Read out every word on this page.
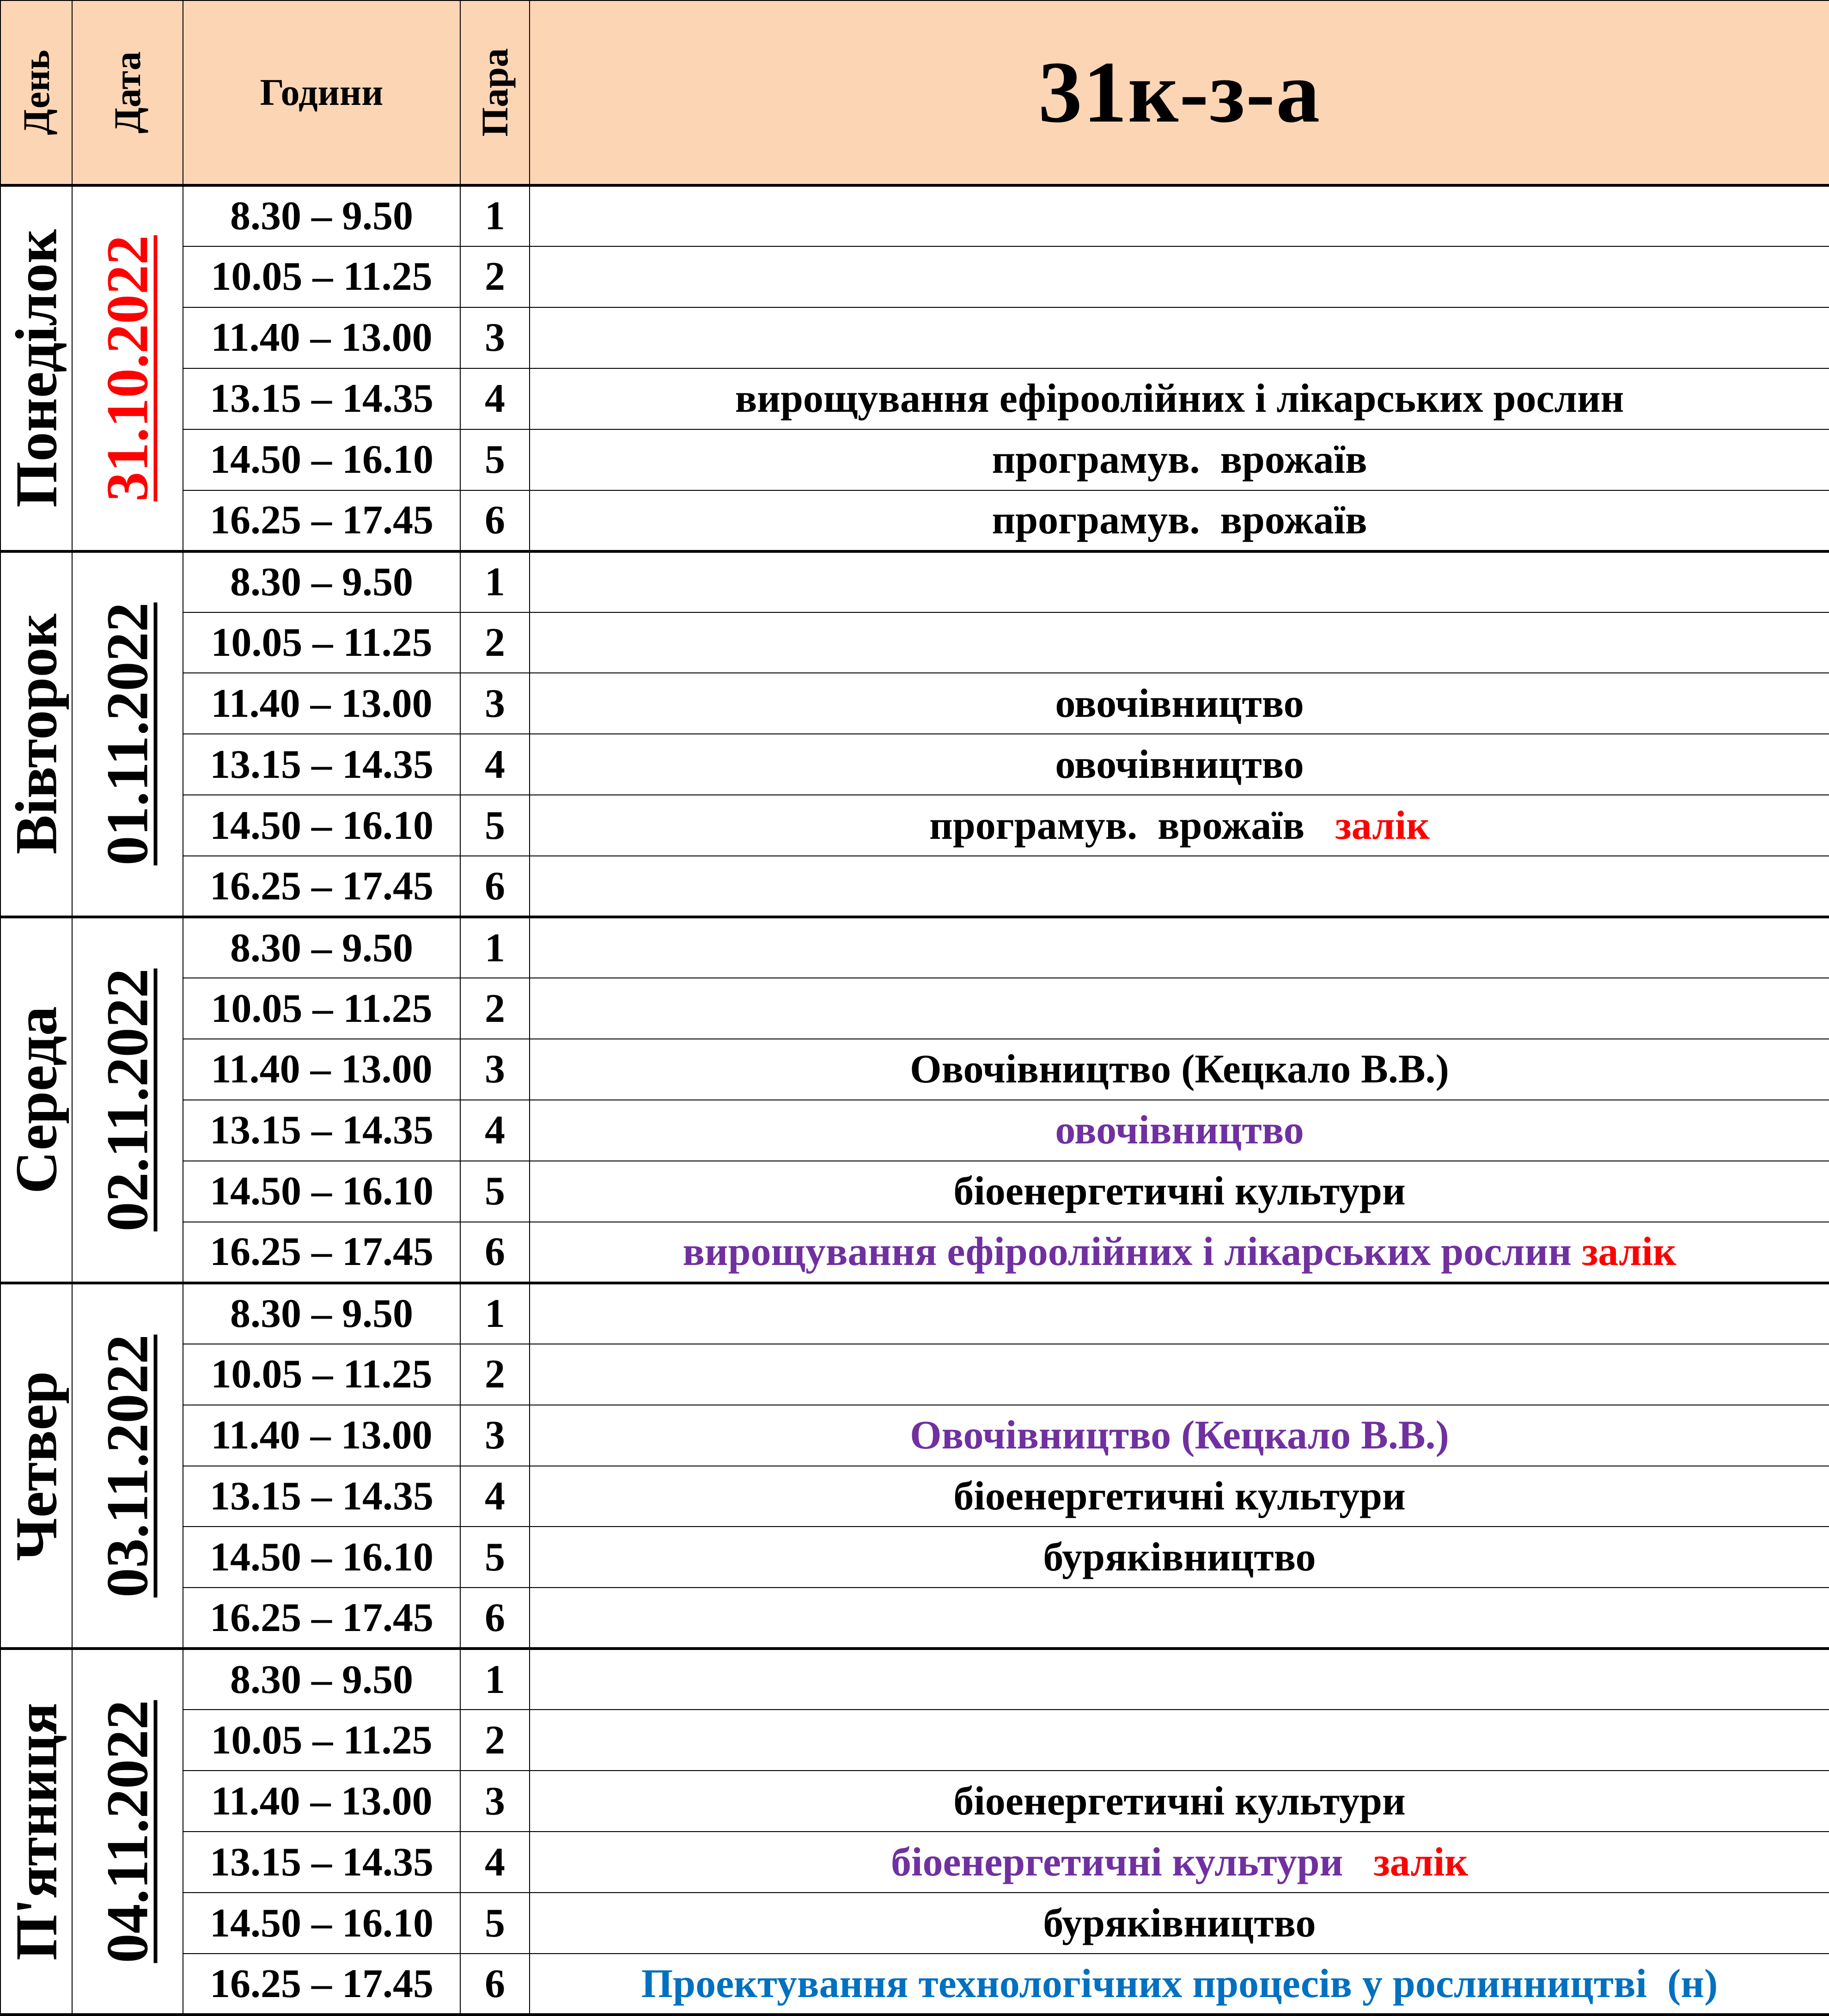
День	Дата	Години	Пара	31к-з-а

Понеділок	31.10.2022	8.30 – 9.50	1	
		10.05 – 11.25	2	
		11.40 – 13.00	3	
		13.15 – 14.35	4	вирощування ефіроолійних і лікарських рослин
		14.50 – 16.10	5	програмув.  врожаїв
		16.25 – 17.45	6	програмув.  врожаїв

Вівторок	01.11.2022	8.30 – 9.50	1	
		10.05 – 11.25	2	
		11.40 – 13.00	3	овочівництво
		13.15 – 14.35	4	овочівництво
		14.50 – 16.10	5	програмув.  врожаїв   залік
		16.25 – 17.45	6	

Середа	02.11.2022	8.30 – 9.50	1	
		10.05 – 11.25	2	
		11.40 – 13.00	3	Овочівництво (Кецкало В.В.)
		13.15 – 14.35	4	овочівництво
		14.50 – 16.10	5	біоенергетичні культури
		16.25 – 17.45	6	вирощування ефіроолійних і лікарських рослин залік

Четвер	03.11.2022	8.30 – 9.50	1	
		10.05 – 11.25	2	
		11.40 – 13.00	3	Овочівництво (Кецкало В.В.)
		13.15 – 14.35	4	біоенергетичні культури
		14.50 – 16.10	5	буряківництво
		16.25 – 17.45	6	

П'ятниця	04.11.2022	8.30 – 9.50	1	
		10.05 – 11.25	2	
		11.40 – 13.00	3	біоенергетичні культури
		13.15 – 14.35	4	біоенергетичні культури   залік
		14.50 – 16.10	5	буряківництво
		16.25 – 17.45	6	Проектування технологічних процесів у рослинництві  (н)
